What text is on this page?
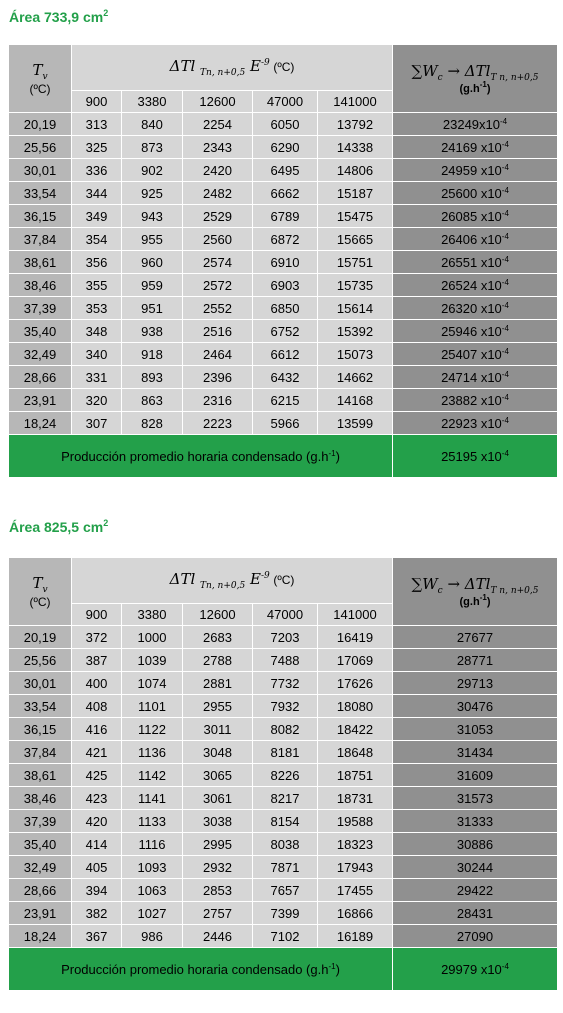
Área 733,9 $cm^2$
$T_v$
(ºC)	ΔTl $_{Tn, n+0,5}$ $E^{-9}$ (ºC)					$\sum W_c \to \Delta Tl_{T n, n+0,5}$
$(g.h^{-1})$

	900	3380	12600	47000	141000	
20,19	313	840	2254	6050	13792	$23249x10^{-4}$
25,56	325	873	2343	6290	14338	24169 $x10^{-4}$
30,01	336	902	2420	6495	14806	24959 $x10^{-4}$
33,54	344	925	2482	6662	15187	25600 $x10^{-4}$
36,15	349	943	2529	6789	15475	26085 $x10^{-4}$
37,84	354	955	2560	6872	15665	26406 $x10^{-4}$
38,61	356	960	2574	6910	15751	26551 $x10^{-4}$
38,46	355	959	2572	6903	15735	26524 $x10^{-4}$
37,39	353	951	2552	6850	15614	26320 $x10^{-4}$
35,40	348	938	2516	6752	15392	25946 $x10^{-4}$
32,49	340	918	2464	6612	15073	25407 $x10^{-4}$
28,66	331	893	2396	6432	14662	24714 $x10^{-4}$
23,91	320	863	2316	6215	14168	23882 $x10^{-4}$
18,24	307	828	2223	5966	13599	22923 $x10^{-4}$
Producción promedio horaria condensado $(g.h^{-1})$						25195 $x10^{-4}$
Área 825,5 $cm^2$
$T_v$
(ºC)	ΔTl $_{Tn, n+0,5}$ $E^{-9}$ (ºC)					$\sum W_c \to \Delta Tl_{T n, n+0,5}$
$(g.h^{-1})$

	900	3380	12600	47000	141000	
20,19	372	1000	2683	7203	16419	27677
25,56	387	1039	2788	7488	17069	28771
30,01	400	1074	2881	7732	17626	29713
33,54	408	1101	2955	7932	18080	30476
36,15	416	1122	3011	8082	18422	31053
37,84	421	1136	3048	8181	18648	31434
38,61	425	1142	3065	8226	18751	31609
38,46	423	1141	3061	8217	18731	31573
37,39	420	1133	3038	8154	19588	31333
35,40	414	1116	2995	8038	18323	30886
32,49	405	1093	2932	7871	17943	30244
28,66	394	1063	2853	7657	17455	29422
23,91	382	1027	2757	7399	16866	28431
18,24	367	986	2446	7102	16189	27090
Producción promedio horaria condensado $(g.h^{-1})$						29979 $x10^{-4}$
